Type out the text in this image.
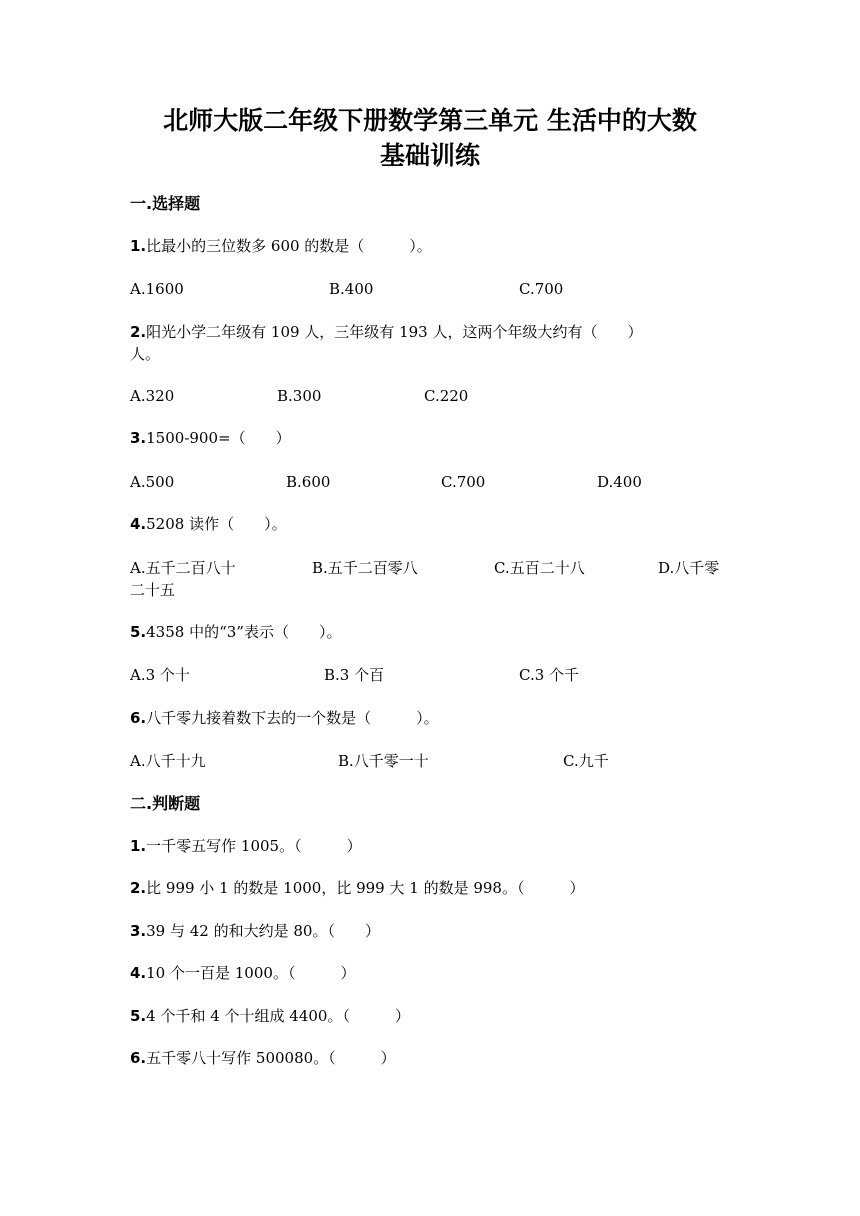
北师大版二年级下册数学第三单元 生活中的大数
基础训练
一.选择题
1.比最小的三位数多 600 的数是（　　　）。
A.1600	B.400	C.700
2.阳光小学二年级有 109 人，三年级有 193 人，这两个年级大约有（　　）
人。
A.320	B.300	C.220
3.1500-900=（　　）
A.500	B.600	C.700	D.400
4.5208 读作（　　）。
A.五千二百八十	B.五千二百零八	C.五百二十八	D.八千零
二十五
5.4358 中的“3”表示（　　）。
A.3 个十	B.3 个百	C.3 个千
6.八千零九接着数下去的一个数是（　　　）。
A.八千十九	B.八千零一十	C.九千
二.判断题
1.一千零五写作 1005。（　　　）
2.比 999 小 1 的数是 1000，比 999 大 1 的数是 998。（　　　）
3.39 与 42 的和大约是 80。（　　）
4.10 个一百是 1000。（　　　）
5.4 个千和 4 个十组成 4400。（　　　）
6.五千零八十写作 500080。（　　　）
